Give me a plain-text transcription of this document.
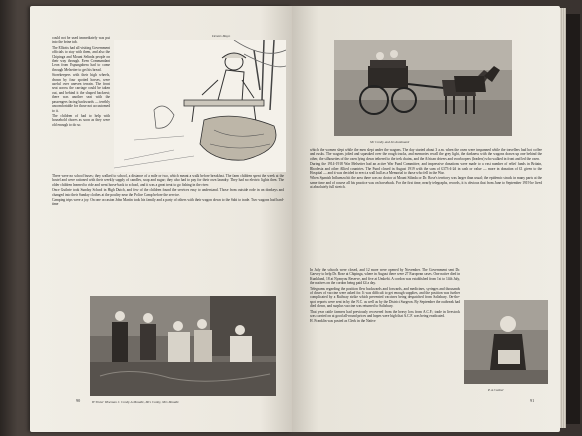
could not be used immediately was put into the brine tub.

The Elliotts had all visiting Government officials to stay with them, and also the Chipinga and Mount Selinda people on their way through. Even Commandant Leon from Espungabera had to come through Melsetter to get his bread.

Storekeepers with their high wheels, drawn by four spotted horses, were useful over uneven terrain. The front seat across the carriage could be taken out, and behind it the shaped backrest; there was another seat with the passengers facing backwards — terribly uncomfortable for those not accustomed to it.

The children of had to help with household chores as soon as they were old enough to do so.

Dennis Mayo

There were no school buses; they walked to school, a distance of a mile or two, which meant a walk before breakfast. The farm children spent the week at the hostel and were rationed with their weekly supply of candles, soap and sugar; they also had to pay for their own laundry. They had no electric lights then. The older children learned to ride and went horse-back to school, and it was a great treat to go fishing in the river.

Once Guthrie took Sunday School in High Dutch, and few of the children found the services easy to understand. Those from outside rode in on donkeys and changed into their Sunday clothes at the poultry near the Police Camp before the service.

Camping trips were a joy. On one occasion John Martin took his family and a party of others with their wagon down to the Sabi to trade. Two wagons had hard-time

H Truter Wiseman J. Conby A Moodie, Mrs Conby, Mrs Moodie
90
Mr Conby and his dumboard

which the women slept while the men slept under the wagons. The day started about 3 a.m. when the oxen were inspanned while the travellers had hot coffee and rusks. The wagons jolted and squeaked over the rough tracks, and memories recall the grey light, the darkness with the wagons drawn up one behind the other, the silhouettes of the oxen lying down tethered to the trek chains, and the African drivers and voorloopers (leaders) who walked in front and led the oxen.

During the 1914-1918 War Melsetter had an active War Fund Committee, and impressive donations were made to a vast number of relief funds in Britain, Rhodesia and other Allied countries. The Fund closed in August 1919 with the sum of £373-4-2d in cash or value — more in donation of £1 given to the Hospital — and it was decided to erect a wall hall as a Memorial to those who fell in the War.

When Spanish Influenza hit the area there was no doctor at Mount Silinda or Dr. Rose's territory was larger than usual; the epidemic struck in many parts at the same time and of course all his practice was on horseback. For the first time, nearly telegraphs, records, it is obvious that from June to September 1919 he lived at absolutely full stretch.

In July the schools were closed, and 12 more were opened by November. The Government sent Dr. Garvey to help Dr. Rose at Chipinga, where in August there were 27 European cases. One native died in Kunkland, 18 at Nyanyou Reserve, and five at Umkebi. A cordon was established from 1st to 14th July, the natives on the cordon being paid £4 a day.

Telegrams regarding the position flew backwards and forwards, and medicines, syringes and thousands of doses of vaccine were asked for. It was difficult to get enough supplies, and the position was further complicated by a Railway strike which prevented vaccines being despatched from Salisbury. On-the-spot reports were sent in by the N.C. as well as by the District Surgeon. By September the outbreak had died down, and surplus vaccine was returned to Salisbury.

That year cattle farmers had previously recovered from the heavy loss from A.C.F.; trade in livestock was carried on at good all-round prices and hopes were high that A.C.F. was being eradicated.

H. Franklin was posted as Clerk in the Native

P A Conber
91
